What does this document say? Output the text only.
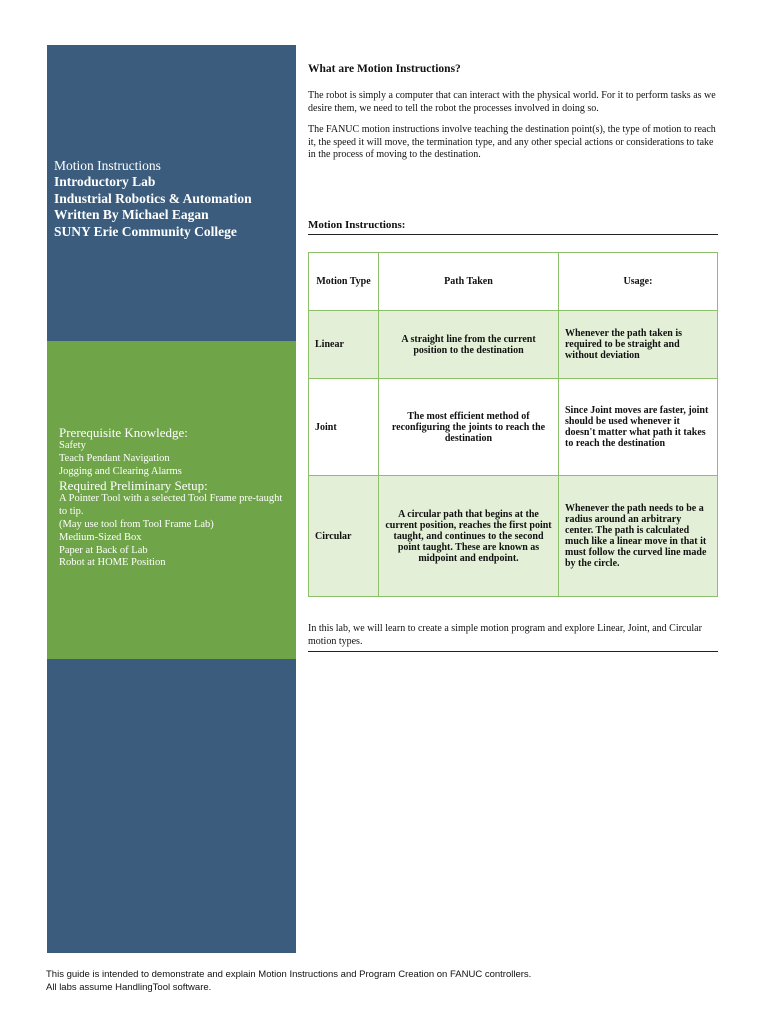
Motion Instructions
Introductory Lab
Industrial Robotics & Automation
Written By Michael Eagan
SUNY Erie Community College
Prerequisite Knowledge:
Safety
Teach Pendant Navigation
Jogging and Clearing Alarms
Required Preliminary Setup:
A Pointer Tool with a selected Tool Frame pre-taught to tip.
(May use tool from Tool Frame Lab)
Medium-Sized Box
Paper at Back of Lab
Robot at HOME Position
What are Motion Instructions?

The robot is simply a computer that can interact with the physical world. For it to perform tasks as we desire them, we need to tell the robot the processes involved in doing so.

The FANUC motion instructions involve teaching the destination point(s), the type of motion to reach it, the speed it will move, the termination type, and any other special actions or considerations to take in the process of moving to the destination.

Motion Instructions:
Motion Type	Path Taken	Usage:
Linear	A straight line from the current position to the destination	Whenever the path taken is required to be straight and without deviation
Joint	The most efficient method of reconfiguring the joints to reach the destination	Since Joint moves are faster, joint should be used whenever it doesn't matter what path it takes to reach the destination
Circular	A circular path that begins at the current position, reaches the first point taught, and continues to the second point taught. These are known as midpoint and endpoint.	Whenever the path needs to be a radius around an arbitrary center. The path is calculated much like a linear move in that it must follow the curved line made by the circle.
In this lab, we will learn to create a simple motion program and explore Linear, Joint, and Circular motion types.
This guide is intended to demonstrate and explain Motion Instructions and Program Creation on FANUC controllers.
All labs assume HandlingTool software.
